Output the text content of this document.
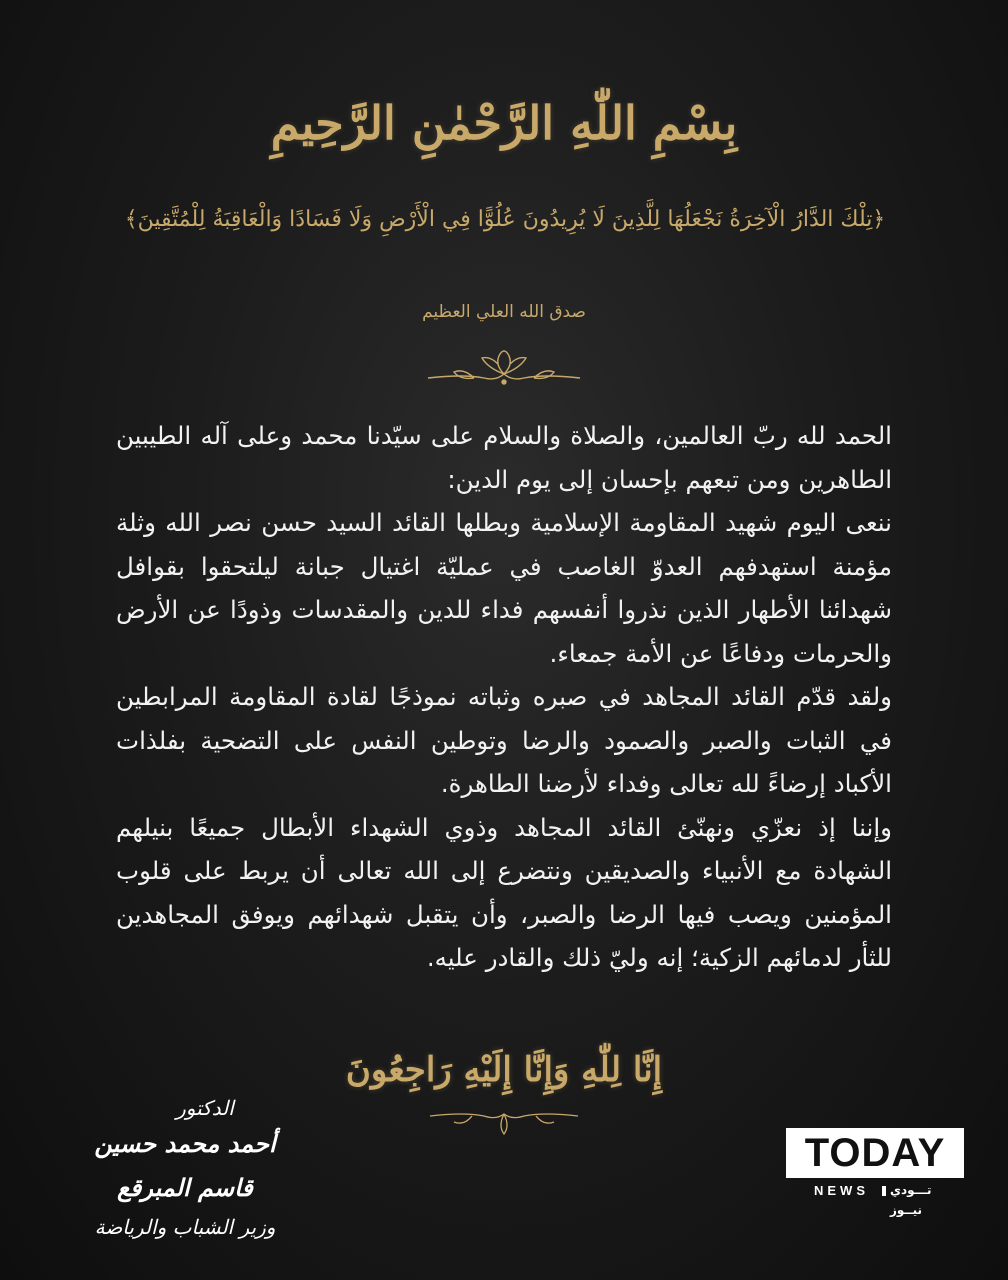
بِسْمِ اللّٰهِ الرَّحْمٰنِ الرَّحِيمِ
﴿تِلْكَ الدَّارُ الْآخِرَةُ نَجْعَلُهَا لِلَّذِينَ لَا يُرِيدُونَ عُلُوًّا فِي الْأَرْضِ وَلَا فَسَادًا وَالْعَاقِبَةُ لِلْمُتَّقِينَ﴾
صدق الله العلي العظيم

الحمد لله ربّ العالمين، والصلاة والسلام على سيّدنا محمد وعلى آله الطيبين الطاهرين ومن تبعهم بإحسان إلى يوم الدين:

ننعى اليوم شهيد المقاومة الإسلامية وبطلها القائد السيد حسن نصر الله وثلة مؤمنة استهدفهم العدوّ الغاصب في عمليّة اغتيال جبانة ليلتحقوا بقوافل شهدائنا الأطهار الذين نذروا أنفسهم فداء للدين والمقدسات وذودًا عن الأرض والحرمات ودفاعًا عن الأمة جمعاء.

ولقد قدّم القائد المجاهد في صبره وثباته نموذجًا لقادة المقاومة المرابطين في الثبات والصبر والصمود والرضا وتوطين النفس على التضحية بفلذات الأكباد إرضاءً لله تعالى وفداء لأرضنا الطاهرة.

وإننا إذ نعزّي ونهنّئ القائد المجاهد وذوي الشهداء الأبطال جميعًا بنيلهم الشهادة مع الأنبياء والصديقين ونتضرع إلى الله تعالى أن يربط على قلوب المؤمنين ويصب فيها الرضا والصبر، وأن يتقبل شهدائهم ويوفق المجاهدين للثأر لدمائهم الزكية؛ إنه وليّ ذلك والقادر عليه.

إِنَّا لِلّٰهِ وَإِنَّا إِلَيْهِ رَاجِعُونَ
الدكتور
أحمد محمد حسين قاسم المبرقع
وزير الشباب والرياضة
TODAY
NEWS تـــودي نيــوز
